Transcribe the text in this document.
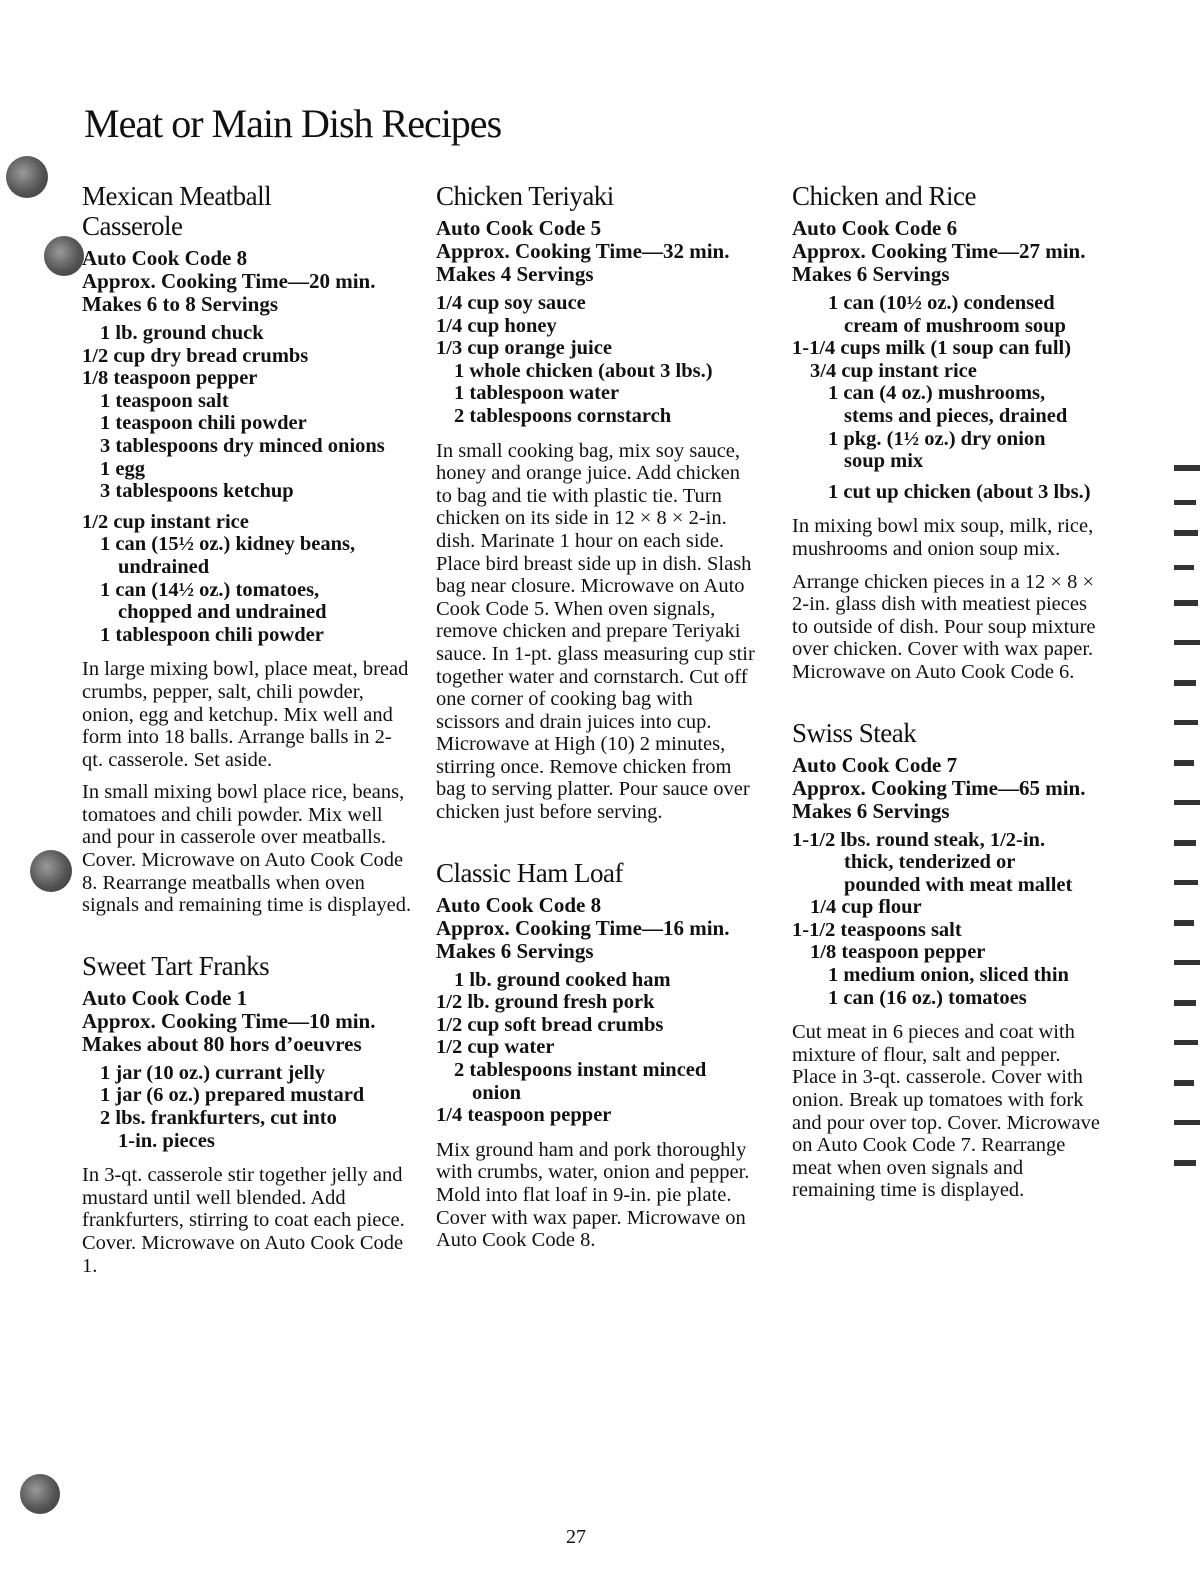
Meat or Main Dish Recipes
Mexican Meatball
Casserole
Auto Cook Code 8
Approx. Cooking Time—20 min.
Makes 6 to 8 Servings
1 lb. ground chuck
1/2 cup dry bread crumbs
1/8 teaspoon pepper
1 teaspoon salt
1 teaspoon chili powder
3 tablespoons dry minced onions
1 egg
3 tablespoons ketchup
1/2 cup instant rice
1 can (15½ oz.) kidney beans,
undrained
1 can (14½ oz.) tomatoes,
chopped and undrained
1 tablespoon chili powder

In large mixing bowl, place meat, bread crumbs, pepper, salt, chili powder, onion, egg and ketchup. Mix well and form into 18 balls. Arrange balls in 2-qt. casserole. Set aside.

In small mixing bowl place rice, beans, tomatoes and chili powder. Mix well and pour in casserole over meatballs. Cover. Microwave on Auto Cook Code 8. Rearrange meatballs when oven signals and remaining time is displayed.

Sweet Tart Franks
Auto Cook Code 1
Approx. Cooking Time—10 min.
Makes about 80 hors d’oeuvres
1 jar (10 oz.) currant jelly
1 jar (6 oz.) prepared mustard
2 lbs. frankfurters, cut into
1-in. pieces

In 3-qt. casserole stir together jelly and mustard until well blended. Add frankfurters, stirring to coat each piece. Cover. Microwave on Auto Cook Code 1.

Chicken Teriyaki
Auto Cook Code 5
Approx. Cooking Time—32 min.
Makes 4 Servings
1/4 cup soy sauce
1/4 cup honey
1/3 cup orange juice
1 whole chicken (about 3 lbs.)
1 tablespoon water
2 tablespoons cornstarch

In small cooking bag, mix soy sauce, honey and orange juice. Add chicken to bag and tie with plastic tie. Turn chicken on its side in 12 × 8 × 2-in. dish. Marinate 1 hour on each side. Place bird breast side up in dish. Slash bag near closure. Microwave on Auto Cook Code 5. When oven signals, remove chicken and prepare Teriyaki sauce. In 1-pt. glass measuring cup stir together water and cornstarch. Cut off one corner of cooking bag with scissors and drain juices into cup. Microwave at High (10) 2 minutes, stirring once. Remove chicken from bag to serving platter. Pour sauce over chicken just before serving.

Classic Ham Loaf
Auto Cook Code 8
Approx. Cooking Time—16 min.
Makes 6 Servings
1 lb. ground cooked ham
1/2 lb. ground fresh pork
1/2 cup soft bread crumbs
1/2 cup water
2 tablespoons instant minced
onion
1/4 teaspoon pepper

Mix ground ham and pork thoroughly with crumbs, water, onion and pepper. Mold into flat loaf in 9-in. pie plate. Cover with wax paper. Microwave on Auto Cook Code 8.

Chicken and Rice
Auto Cook Code 6
Approx. Cooking Time—27 min.
Makes 6 Servings
1 can (10½ oz.) condensed
cream of mushroom soup
1-1/4 cups milk (1 soup can full)
3/4 cup instant rice
1 can (4 oz.) mushrooms,
stems and pieces, drained
1 pkg. (1½ oz.) dry onion
soup mix
1 cut up chicken (about 3 lbs.)

In mixing bowl mix soup, milk, rice, mushrooms and onion soup mix.

Arrange chicken pieces in a 12 × 8 × 2-in. glass dish with meatiest pieces to outside of dish. Pour soup mixture over chicken. Cover with wax paper. Microwave on Auto Cook Code 6.

Swiss Steak
Auto Cook Code 7
Approx. Cooking Time—65 min.
Makes 6 Servings
1-1/2 lbs. round steak, 1/2-in.
thick, tenderized or
pounded with meat mallet
1/4 cup flour
1-1/2 teaspoons salt
1/8 teaspoon pepper
1 medium onion, sliced thin
1 can (16 oz.) tomatoes

Cut meat in 6 pieces and coat with mixture of flour, salt and pepper. Place in 3-qt. casserole. Cover with onion. Break up tomatoes with fork and pour over top. Cover. Microwave on Auto Cook Code 7. Rearrange meat when oven signals and remaining time is displayed.

27
